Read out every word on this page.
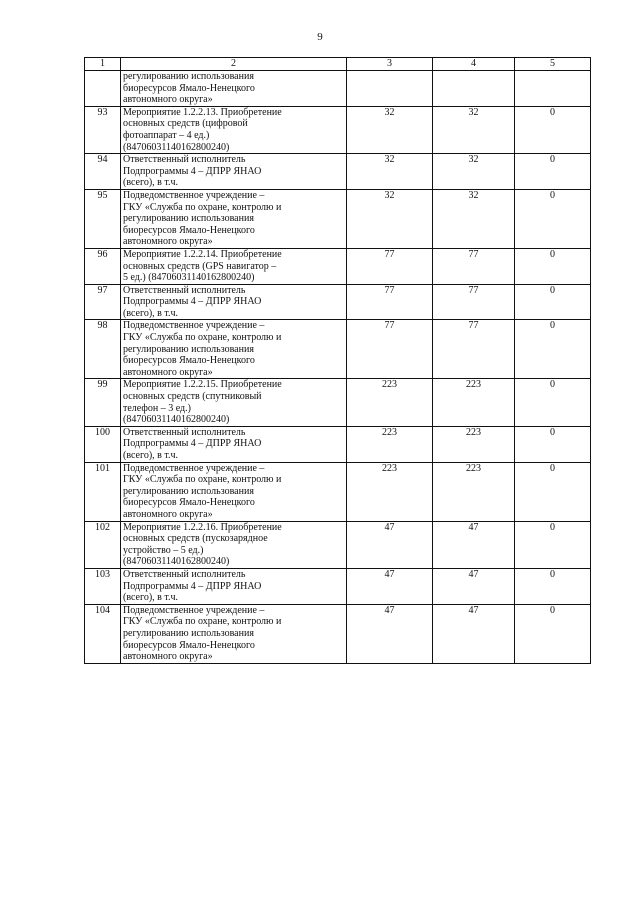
9
1	2	3	4	5
	регулированию использования
биоресурсов Ямало-Ненецкого
автономного округа»			
93	Мероприятие 1.2.2.13. Приобретение
основных средств (цифровой
фотоаппарат – 4 ед.)
(84706031140162800240)	32	32	0
94	Ответственный исполнитель
Подпрограммы 4 – ДПРР ЯНАО
(всего), в т.ч.	32	32	0
95	Подведомственное учреждение –
ГКУ «Служба по охране, контролю и
регулированию использования
биоресурсов Ямало-Ненецкого
автономного округа»	32	32	0
96	Мероприятие 1.2.2.14. Приобретение
основных средств (GPS навигатор –
5 ед.) (84706031140162800240)	77	77	0
97	Ответственный исполнитель
Подпрограммы 4 – ДПРР ЯНАО
(всего), в т.ч.	77	77	0
98	Подведомственное учреждение –
ГКУ «Служба по охране, контролю и
регулированию использования
биоресурсов Ямало-Ненецкого
автономного округа»	77	77	0
99	Мероприятие 1.2.2.15. Приобретение
основных средств (спутниковый
телефон – 3 ед.)
(84706031140162800240)	223	223	0
100	Ответственный исполнитель
Подпрограммы 4 – ДПРР ЯНАО
(всего), в т.ч.	223	223	0
101	Подведомственное учреждение –
ГКУ «Служба по охране, контролю и
регулированию использования
биоресурсов Ямало-Ненецкого
автономного округа»	223	223	0
102	Мероприятие 1.2.2.16. Приобретение
основных средств (пускозарядное
устройство – 5 ед.)
(84706031140162800240)	47	47	0
103	Ответственный исполнитель
Подпрограммы 4 – ДПРР ЯНАО
(всего), в т.ч.	47	47	0
104	Подведомственное учреждение –
ГКУ «Служба по охране, контролю и
регулированию использования
биоресурсов Ямало-Ненецкого
автономного округа»	47	47	0
